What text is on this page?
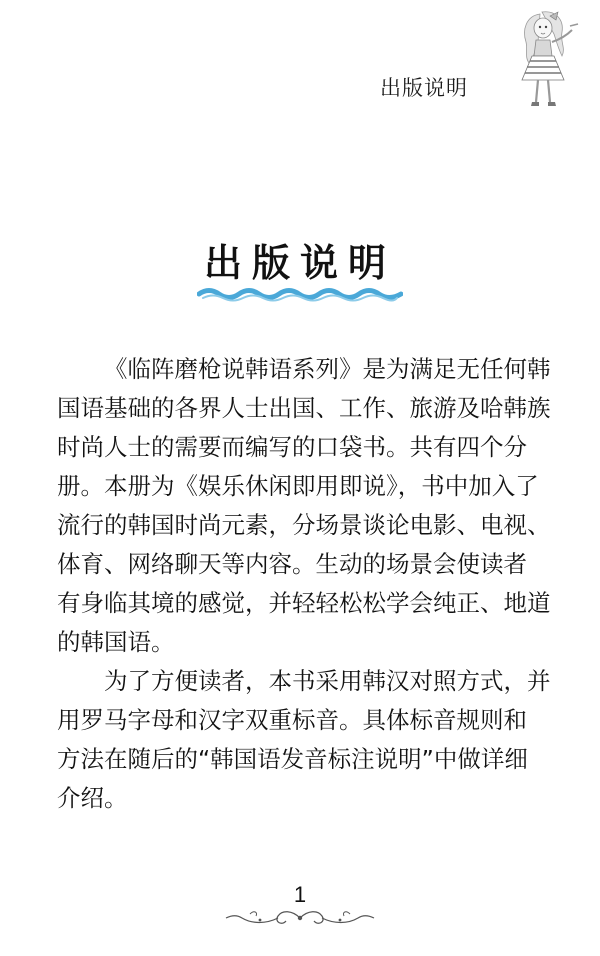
出版说明
出版说明

《临阵磨枪说韩语系列》是为满足无任何韩
国语基础的各界人士出国、工作、旅游及哈韩族
时尚人士的需要而编写的口袋书。共有四个分
册。本册为《娱乐休闲即用即说》，书中加入了
流行的韩国时尚元素，分场景谈论电影、电视、
体育、网络聊天等内容。生动的场景会使读者
有身临其境的感觉，并轻轻松松学会纯正、地道
的韩国语。

为了方便读者，本书采用韩汉对照方式，并
用罗马字母和汉字双重标音。具体标音规则和
方法在随后的“韩国语发音标注说明”中做详细
介绍。

1
